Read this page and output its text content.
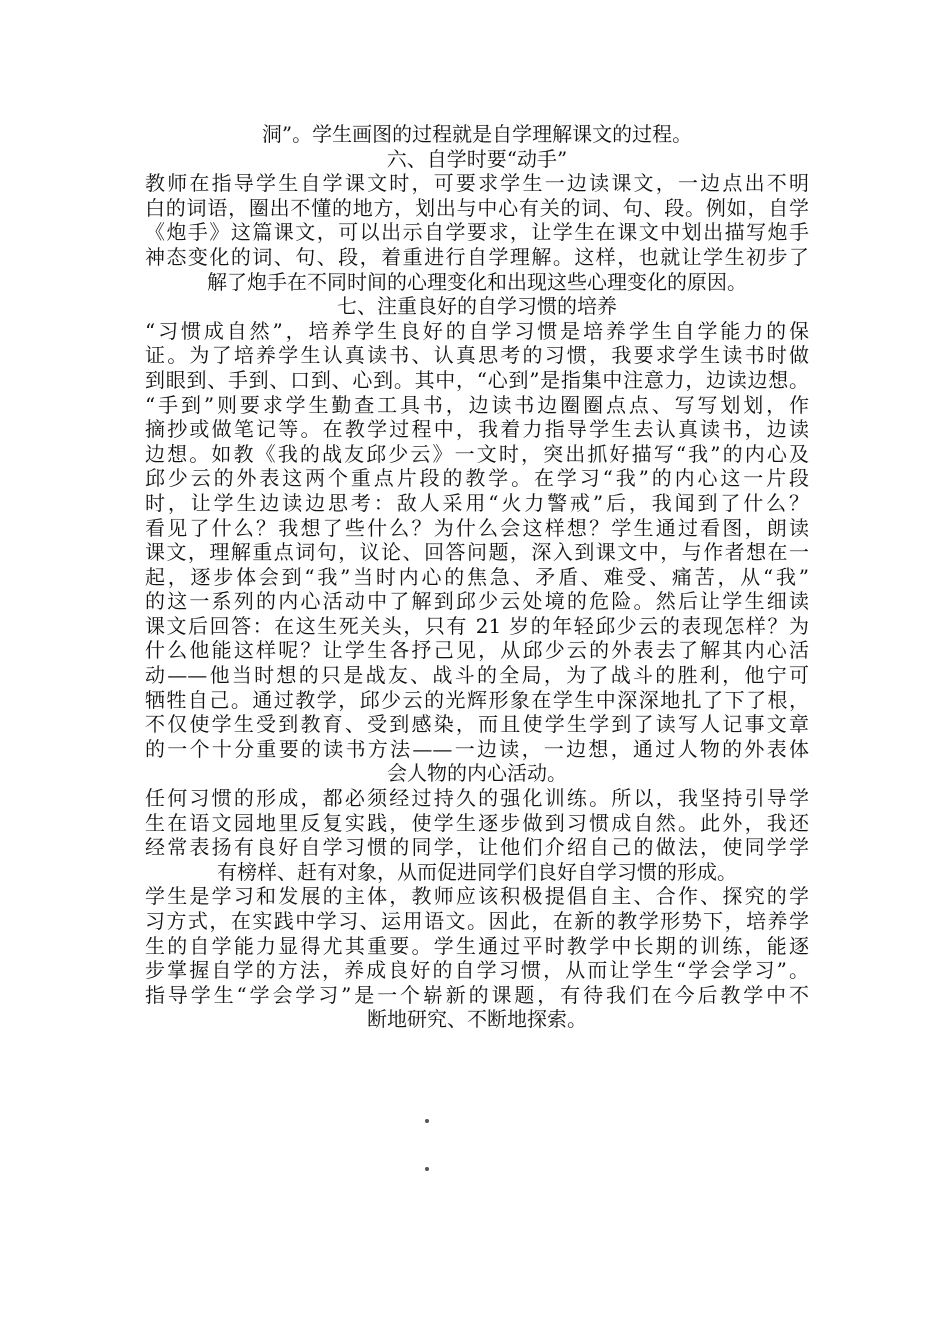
洞”。学生画图的过程就是自学理解课文的过程。
六、自学时要“动手”
教师在指导学生自学课文时，可要求学生一边读课文，一边点出不明
白的词语，圈出不懂的地方，划出与中心有关的词、句、段。例如，自学
《炮手》这篇课文，可以出示自学要求，让学生在课文中划出描写炮手
神态变化的词、句、段，着重进行自学理解。这样，也就让学生初步了
解了炮手在不同时间的心理变化和出现这些心理变化的原因。
七、注重良好的自学习惯的培养
“习惯成自然”，培养学生良好的自学习惯是培养学生自学能力的保
证。为了培养学生认真读书、认真思考的习惯，我要求学生读书时做
到眼到、手到、口到、心到。其中，“心到”是指集中注意力，边读边想。
“手到”则要求学生勤查工具书，边读书边圈圈点点、写写划划，作
摘抄或做笔记等。在教学过程中，我着力指导学生去认真读书，边读
边想。如教《我的战友邱少云》一文时，突出抓好描写“我”的内心及
邱少云的外表这两个重点片段的教学。在学习“我”的内心这一片段
时，让学生边读边思考：敌人采用“火力警戒”后，我闻到了什么？
看见了什么？我想了些什么？为什么会这样想？学生通过看图，朗读
课文，理解重点词句，议论、回答问题，深入到课文中，与作者想在一
起，逐步体会到“我”当时内心的焦急、矛盾、难受、痛苦，从“我”
的这一系列的内心活动中了解到邱少云处境的危险。然后让学生细读
课文后回答：在这生死关头，只有 21 岁的年轻邱少云的表现怎样？为
什么他能这样呢？让学生各抒己见，从邱少云的外表去了解其内心活
动——他当时想的只是战友、战斗的全局，为了战斗的胜利，他宁可
牺牲自己。通过教学，邱少云的光辉形象在学生中深深地扎了下了根，
不仅使学生受到教育、受到感染，而且使学生学到了读写人记事文章
的一个十分重要的读书方法——一边读，一边想，通过人物的外表体
会人物的内心活动。
任何习惯的形成，都必须经过持久的强化训练。所以，我坚持引导学
生在语文园地里反复实践，使学生逐步做到习惯成自然。此外，我还
经常表扬有良好自学习惯的同学，让他们介绍自己的做法，使同学学
有榜样、赶有对象，从而促进同学们良好自学习惯的形成。
学生是学习和发展的主体，教师应该积极提倡自主、合作、探究的学
习方式，在实践中学习、运用语文。因此，在新的教学形势下，培养学
生的自学能力显得尤其重要。学生通过平时教学中长期的训练，能逐
步掌握自学的方法，养成良好的自学习惯，从而让学生“学会学习”。
指导学生“学会学习”是一个崭新的课题，有待我们在今后教学中不
断地研究、不断地探索。
